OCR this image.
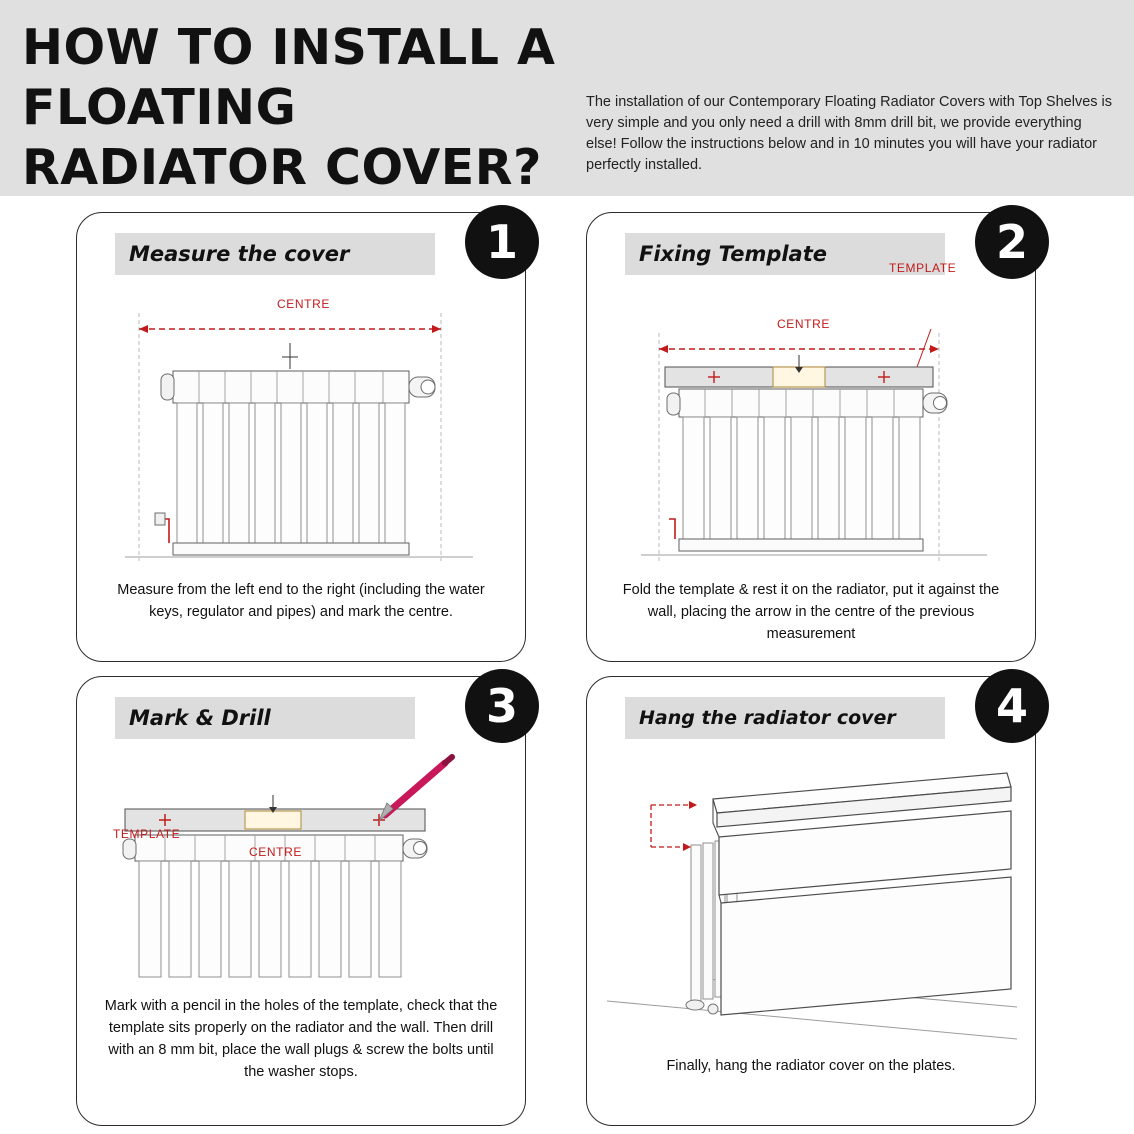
HOW TO INSTALL A FLOATING
RADIATOR COVER?
The installation of our Contemporary Floating Radiator Covers with Top Shelves is very simple and you only need a drill with 8mm drill bit, we provide everything else! Follow the instructions below and in 10 minutes you will have your radiator perfectly installed.
Measure the cover	1
CENTRE
Measure from the left end to the right (including the water keys, regulator and pipes) and mark the centre.
Fixing Template	2
TEMPLATE
CENTRE
Fold the template & rest it on the radiator, put it against the wall, placing the arrow in the centre of the previous measurement
Mark & Drill	3
TEMPLATE
CENTRE
Mark with a pencil in the holes of the template, check that the template sits properly on the radiator and the wall. Then drill with an 8 mm bit, place the wall plugs & screw the bolts until the washer stops.
Hang the radiator cover	4
Finally, hang the radiator cover on the plates.
